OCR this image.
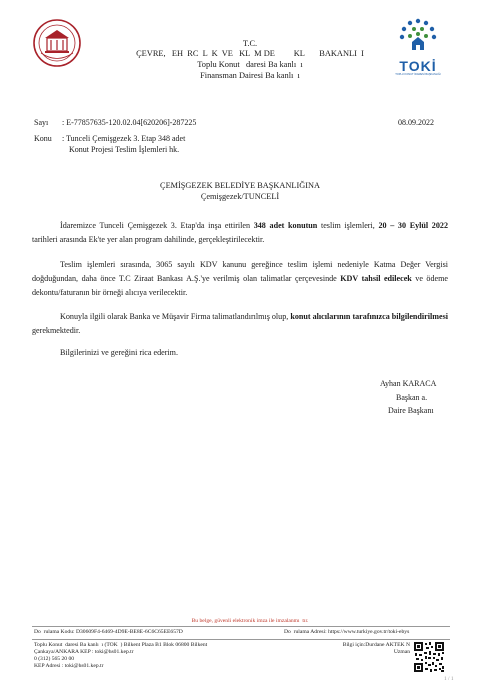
TOKİ
TOPLU KONUT İDARESİ BAŞKANLIĞI
T.C.
ÇEVRE,   EH  RC  L  K  VE   KL  M DE         KL       BAKANLI  I
Toplu Konut   daresi Ba kanlı  ı
Finansman Dairesi Ba kanlı  ı
Sayı : E-77857635-120.02.04[620206]-287225	08.09.2022
Konu : Tunceli Çemişgezek 3. Etap 348 adet
Konut Projesi Teslim İşlemleri hk.
ÇEMİŞGEZEK BELEDİYE BAŞKANLIĞINA
Çemişgezek/TUNCELİ
İdaremizce Tunceli Çemişgezek 3. Etap'da inşa ettirilen 348 adet konutun teslim işlemleri, 20 – 30 Eylül 2022 tarihleri arasında Ek'te yer alan program dahilinde, gerçekleştirilecektir.
Teslim işlemleri sırasında, 3065 sayılı KDV kanunu gereğince teslim işlemi nedeniyle Katma Değer Vergisi doğduğundan, daha önce T.C Ziraat Bankası A.Ş.'ye verilmiş olan talimatlar çerçevesinde KDV tahsil edilecek ve ödeme dekontu/faturanın bir örneği alıcıya verilecektir.
Konuyla ilgili olarak Banka ve Müşavir Firma talimatlandırılmış olup, konut alıcılarının tarafınızca bilgilendirilmesi gerekmektedir.
Bilgilerinizi ve gereğini rica ederim.
Ayhan KARACA
Başkan a.
Daire Başkanı
Bu belge, güvenli elektronik imza ile imzalanmı  tır.
Do  rulama Kodu: D30609F4-6469-4D9E-BE8E-6C6C65EE657D	Do  rulama Adresi: https://www.turkiye.gov.tr/toki-ebys
Toplu Konut  daresi Ba kanlı  ı (TOK  ) Bilkent Plaza B1 Blok 06800 Bilkent
Çankaya/ANKARA KEP : toki@hs01.kep.tr
0 (312) 565 20 00
KEP Adresi : toki@hs01.kep.tr
Bilgi için:Durdane AKTEK N
Uzman
1 / 1
